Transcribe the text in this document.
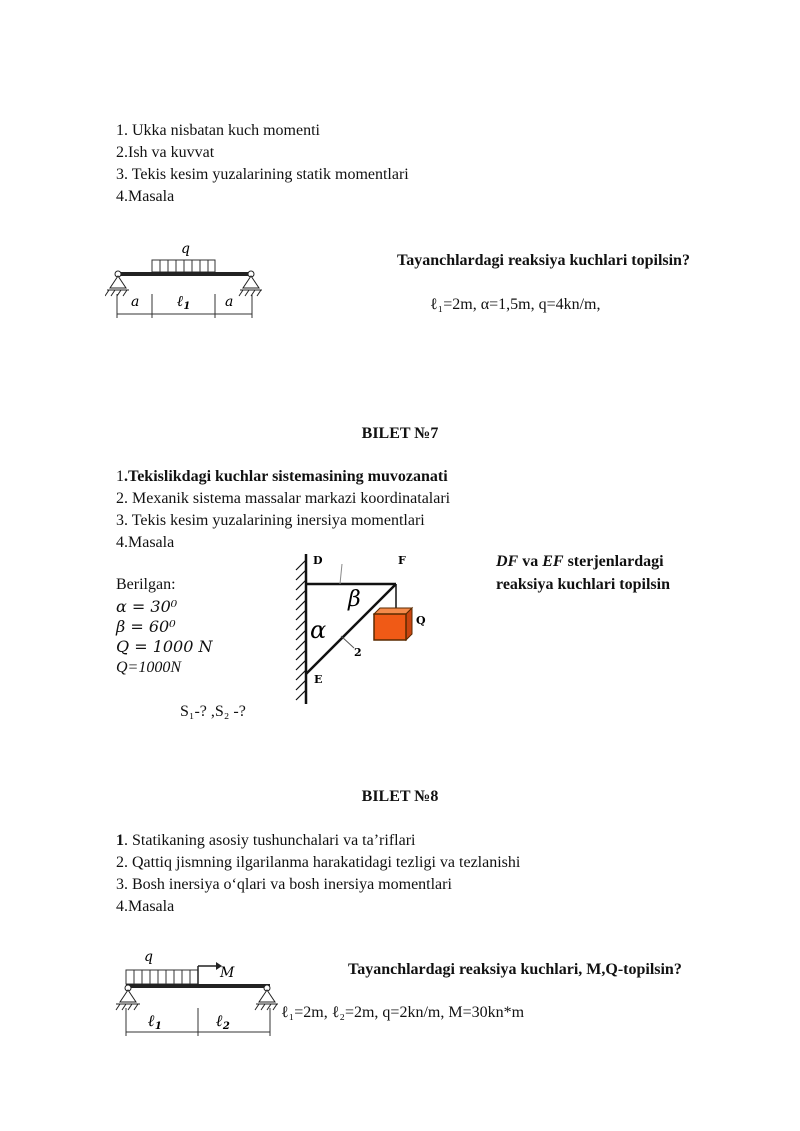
1. Ukka nisbatan kuch momenti
2.Ish va kuvvat
3. Tekis kesim yuzalarining statik momentlari
4.Masala
q
a	ℓ$_1$ a
Tayanchlardagi reaksiya kuchlari topilsin?
ℓ₁=2m, α=1,5m, q=4kn/m,
BILET №7
1.Tekislikdagi kuchlar sistemasining muvozanati
2. Mexanik sistema massalar markazi koordinatalari
3. Tekis kesim yuzalarining inersiya momentlari
4.Masala
Berilgan:
α = 30⁰
β = 60⁰
Q = 1000 N
Q=1000N
S₁-? ,S₂ -?
D	F
E
Q
2
α
β
DF va EF sterjenlardagi
reaksiya kuchlari topilsin
BILET №8
1. Statikaning asosiy tushunchalari va ta’riflari
2. Qattiq jismning ilgarilanma harakatidagi tezligi va tezlanishi
3. Bosh inersiya o‘qlari va bosh inersiya momentlari
4.Masala
q
M
ℓ1	ℓ2
Tayanchlardagi reaksiya kuchlari, M,Q-topilsin?
ℓ₁=2m, ℓ₂=2m, q=2kn/m, M=30kn*m
